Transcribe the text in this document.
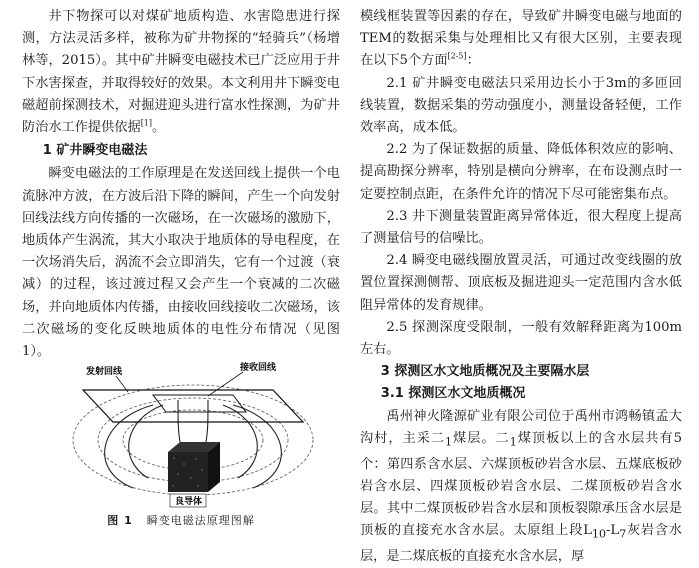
井下物探可以对煤矿地质构造、水害隐患进行探测，方法灵活多样，被称为矿井物探的“轻骑兵”（杨增林等，2015）。其中矿井瞬变电磁技术已广泛应用于井下水害探查，并取得较好的效果。本文利用井下瞬变电磁超前探测技术，对掘进迎头进行富水性探测，为矿井防治水工作提供依据[1]。

1 矿井瞬变电磁法

瞬变电磁法的工作原理是在发送回线上提供一个电流脉冲方波，在方波后沿下降的瞬间，产生一个向发射回线法线方向传播的一次磁场，在一次磁场的激励下，地质体产生涡流，其大小取决于地质体的导电程度，在一次场消失后，涡流不会立即消失，它有一个过渡（衰减）的过程，该过渡过程又会产生一个衰减的二次磁场，并向地质体内传播，由接收回线接收二次磁场，该二次磁场的变化反映地质体的电性分布情况（见图1）。

发射回线	接收回线
良导体
图 1 瞬变电磁法原理图解

模线框装置等因素的存在，导致矿井瞬变电磁与地面的TEM的数据采集与处理相比又有很大区别，主要表现在以下5个方面[2-5]：

2.1 矿井瞬变电磁法只采用边长小于3m的多匝回线装置，数据采集的劳动强度小，测量设备轻便，工作效率高，成本低。

2.2 为了保证数据的质量、降低体积效应的影响、提高勘探分辨率，特别是横向分辨率，在布设测点时一定要控制点距，在条件允许的情况下尽可能密集布点。

2.3 井下测量装置距离异常体近，很大程度上提高了测量信号的信噪比。

2.4 瞬变电磁线圈放置灵活，可通过改变线圈的放置位置探测侧帮、顶底板及掘进迎头一定范围内含水低阻异常体的发育规律。

2.5 探测深度受限制，一般有效解释距离为100m左右。

3 探测区水文地质概况及主要隔水层

3.1 探测区水文地质概况

禹州神火隆源矿业有限公司位于禹州市鸿畅镇孟大沟村，主采二$_1$煤层。二$_1$煤顶板以上的含水层共有5个：第四系含水层、六煤顶板砂岩含水层、五煤底板砂岩含水层、四煤顶板砂岩含水层、二煤顶板砂岩含水层。其中二煤顶板砂岩含水层和顶板裂隙承压含水层是顶板的直接充水含水层。太原组上段$L_{10}-L_7$灰岩含水层，是二煤底板的直接充水含水层，厚
